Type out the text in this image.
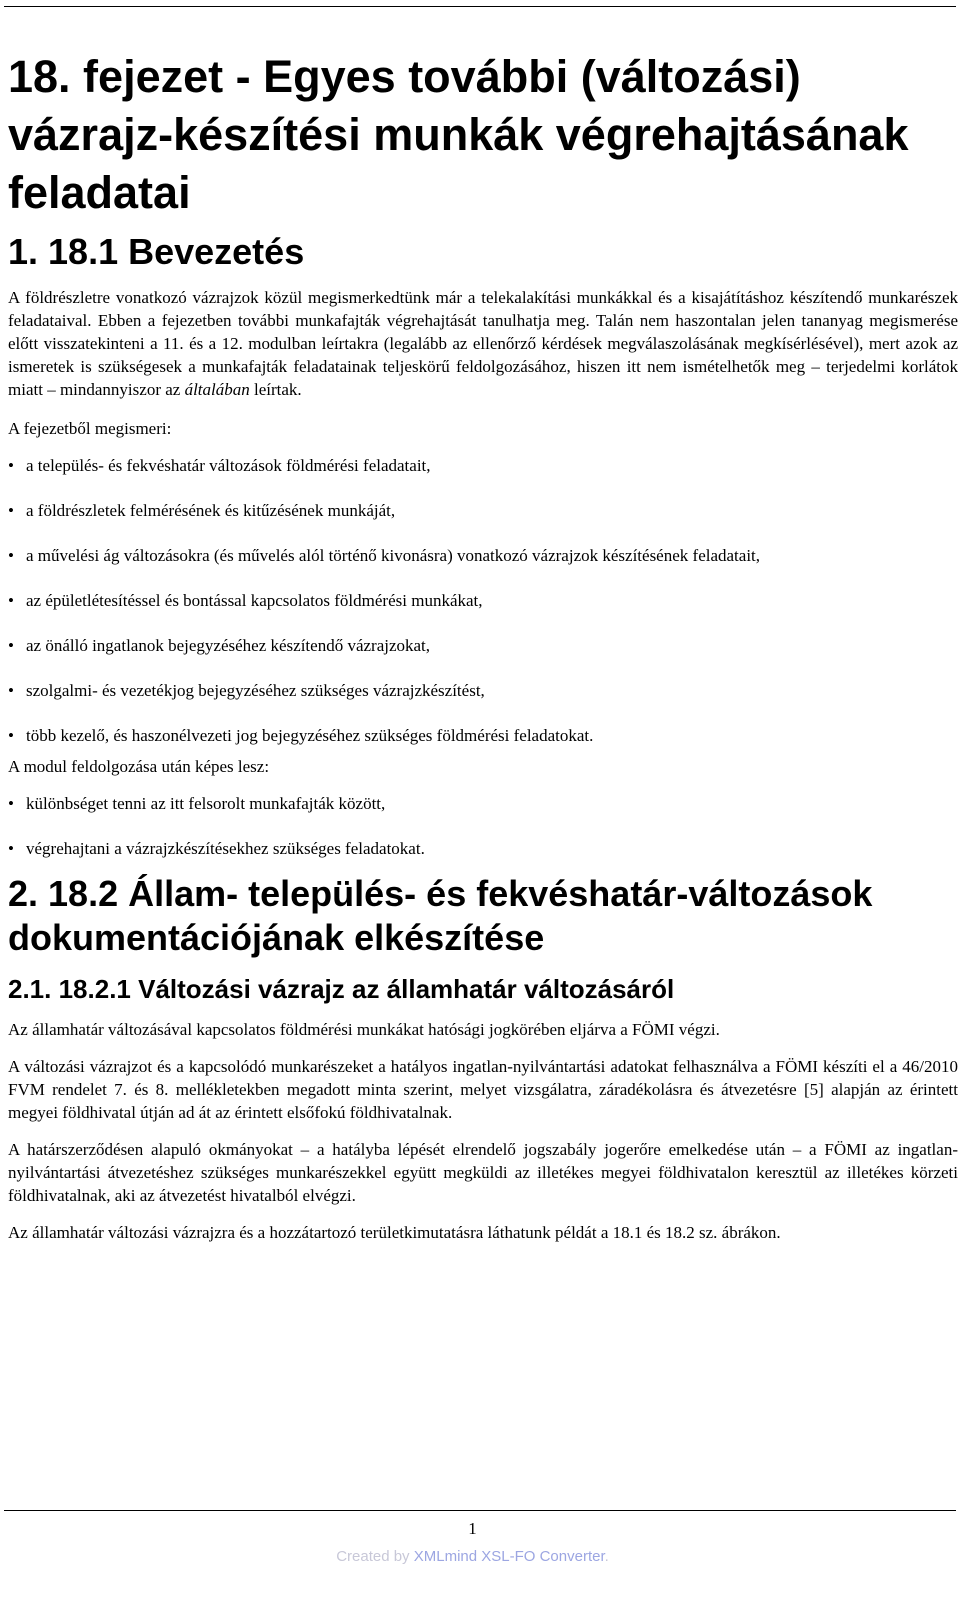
18. fejezet - Egyes további (változási) vázrajz-készítési munkák végrehajtásának feladatai
1. 18.1 Bevezetés

A földrészletre vonatkozó vázrajzok közül megismerkedtünk már a telekalakítási munkákkal és a kisajátításhoz készítendő munkarészek feladataival. Ebben a fejezetben további munkafajták végrehajtását tanulhatja meg. Talán nem haszontalan jelen tananyag megismerése előtt visszatekinteni a 11. és a 12. modulban leírtakra (legalább az ellenőrző kérdések megválaszolásának megkísérlésével), mert azok az ismeretek is szükségesek a munkafajták feladatainak teljeskörű feldolgozásához, hiszen itt nem ismételhetők meg – terjedelmi korlátok miatt – mindannyiszor az általában leírtak.

A fejezetből megismeri:

• a település- és fekvéshatár változások földmérési feladatait,
• a földrészletek felmérésének és kitűzésének munkáját,
• a művelési ág változásokra (és művelés alól történő kivonásra) vonatkozó vázrajzok készítésének feladatait,
• az épületlétesítéssel és bontással kapcsolatos földmérési munkákat,
• az önálló ingatlanok bejegyzéséhez készítendő vázrajzokat,
• szolgalmi- és vezetékjog bejegyzéséhez szükséges vázrajzkészítést,
• több kezelő, és haszonélvezeti jog bejegyzéséhez szükséges földmérési feladatokat.

A modul feldolgozása után képes lesz:

• különbséget tenni az itt felsorolt munkafajták között,
• végrehajtani a vázrajzkészítésekhez szükséges feladatokat.
2. 18.2 Állam- település- és fekvéshatár-változások dokumentációjának elkészítése
2.1. 18.2.1 Változási vázrajz az államhatár változásáról

Az államhatár változásával kapcsolatos földmérési munkákat hatósági jogkörében eljárva a FÖMI végzi.

A változási vázrajzot és a kapcsolódó munkarészeket a hatályos ingatlan-nyilvántartási adatokat felhasználva a FÖMI készíti el a 46/2010 FVM rendelet 7. és 8. mellékletekben megadott minta szerint, melyet vizsgálatra, záradékolásra és átvezetésre [5] alapján az érintett megyei földhivatal útján ad át az érintett elsőfokú földhivatalnak.

A határszerződésen alapuló okmányokat – a hatályba lépését elrendelő jogszabály jogerőre emelkedése után – a FÖMI az ingatlan-nyilvántartási átvezetéshez szükséges munkarészekkel együtt megküldi az illetékes megyei földhivatalon keresztül az illetékes körzeti földhivatalnak, aki az átvezetést hivatalból elvégzi.

Az államhatár változási vázrajzra és a hozzátartozó területkimutatásra láthatunk példát a 18.1 és 18.2 sz. ábrákon.

1
Created by XMLmind XSL-FO Converter.
